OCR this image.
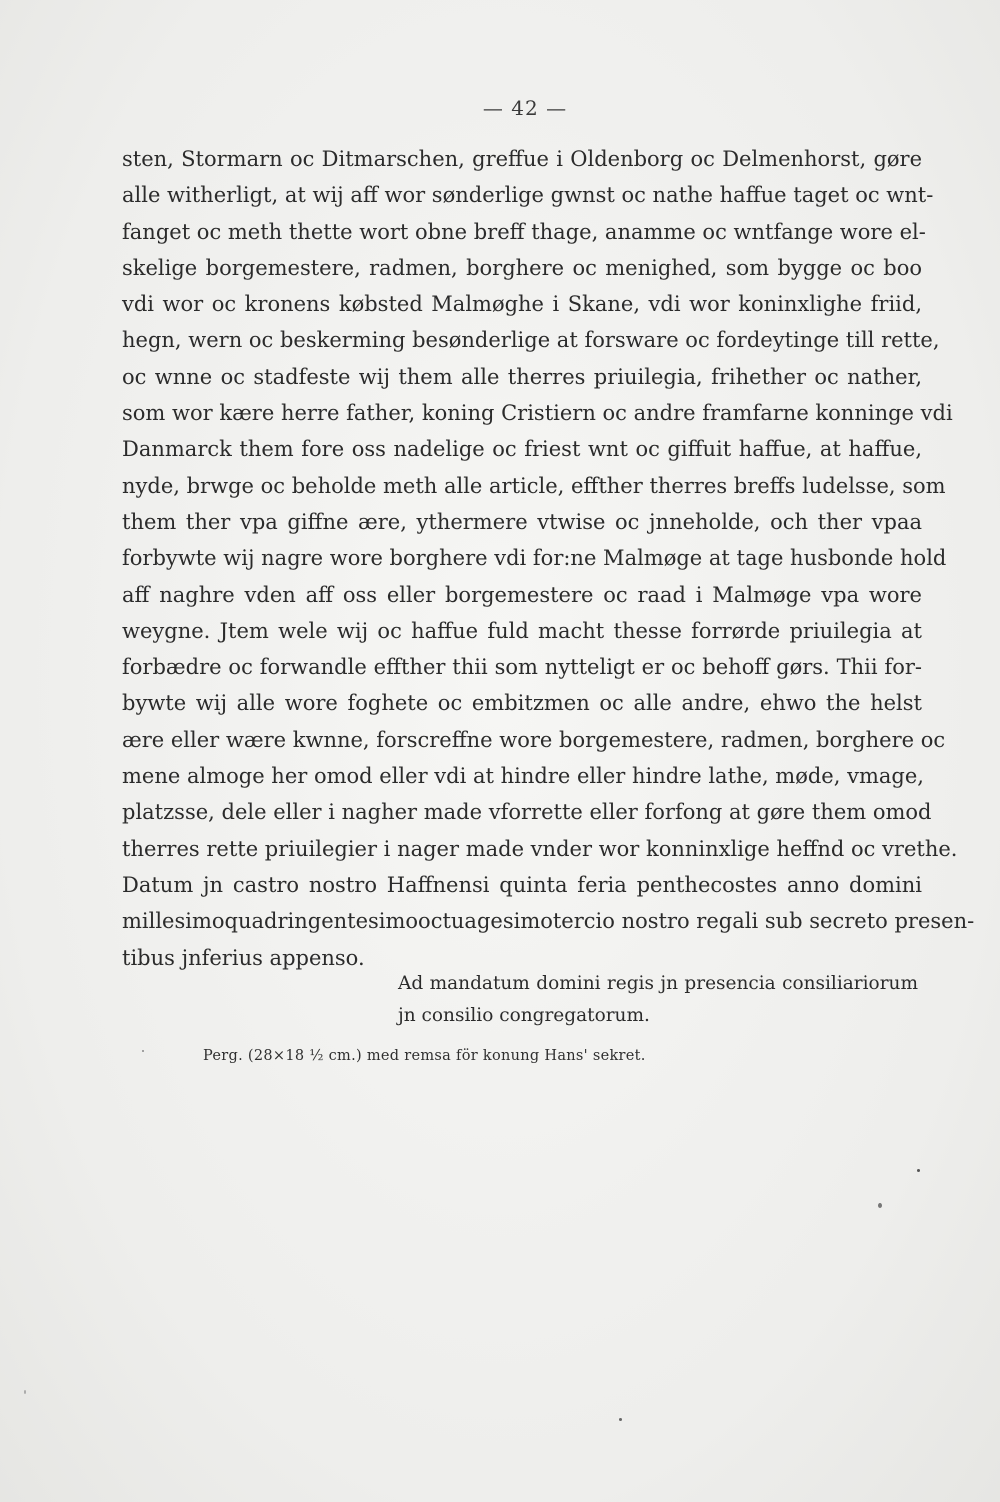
— 42 —
sten, Stormarn oc Ditmarschen, greffue i Oldenborg oc Delmenhorst, gøre
alle witherligt, at wij aff wor sønderlige gwnst oc nathe haffue taget oc wnt-
fanget oc meth thette wort obne breff thage, anamme oc wntfange wore el-
skelige borgemestere, radmen, borghere oc menighed, som bygge oc boo
vdi wor oc kronens købsted Malmøghe i Skane, vdi wor koninxlighe friid,
hegn, wern oc beskerming besønderlige at forsware oc fordeytinge till rette,
oc wnne oc stadfeste wij them alle therres priuilegia, frihether oc nather,
som wor kære herre father, koning Cristiern oc andre framfarne konninge vdi
Danmarck them fore oss nadelige oc friest wnt oc giffuit haffue, at haffue,
nyde, brwge oc beholde meth alle article, effther therres breffs ludelsse, som
them ther vpa giffne ære, ythermere vtwise oc jnneholde, och ther vpaa
forbywte wij nagre wore borghere vdi for:ne Malmøge at tage husbonde hold
aff naghre vden aff oss eller borgemestere oc raad i Malmøge vpa wore
weygne. Jtem wele wij oc haffue fuld macht thesse forrørde priuilegia at
forbædre oc forwandle effther thii som nytteligt er oc behoff gørs. Thii for-
bywte wij alle wore foghete oc embitzmen oc alle andre, ehwo the helst
ære eller wære kwnne, forscreffne wore borgemestere, radmen, borghere oc
mene almoge her omod eller vdi at hindre eller hindre lathe, møde, vmage,
platzsse, dele eller i nagher made vforrette eller forfong at gøre them omod
therres rette priuilegier i nager made vnder wor konninxlige heffnd oc vrethe.
Datum jn castro nostro Haffnensi quinta feria penthecostes anno domini
millesimoquadringentesimooctuagesimotercio nostro regali sub secreto presen-
tibus jnferius appenso.
Ad mandatum domini regis jn presencia consiliariorum
jn consilio congregatorum.
Perg. (28×18 ½ cm.) med remsa för konung Hans' sekret.
